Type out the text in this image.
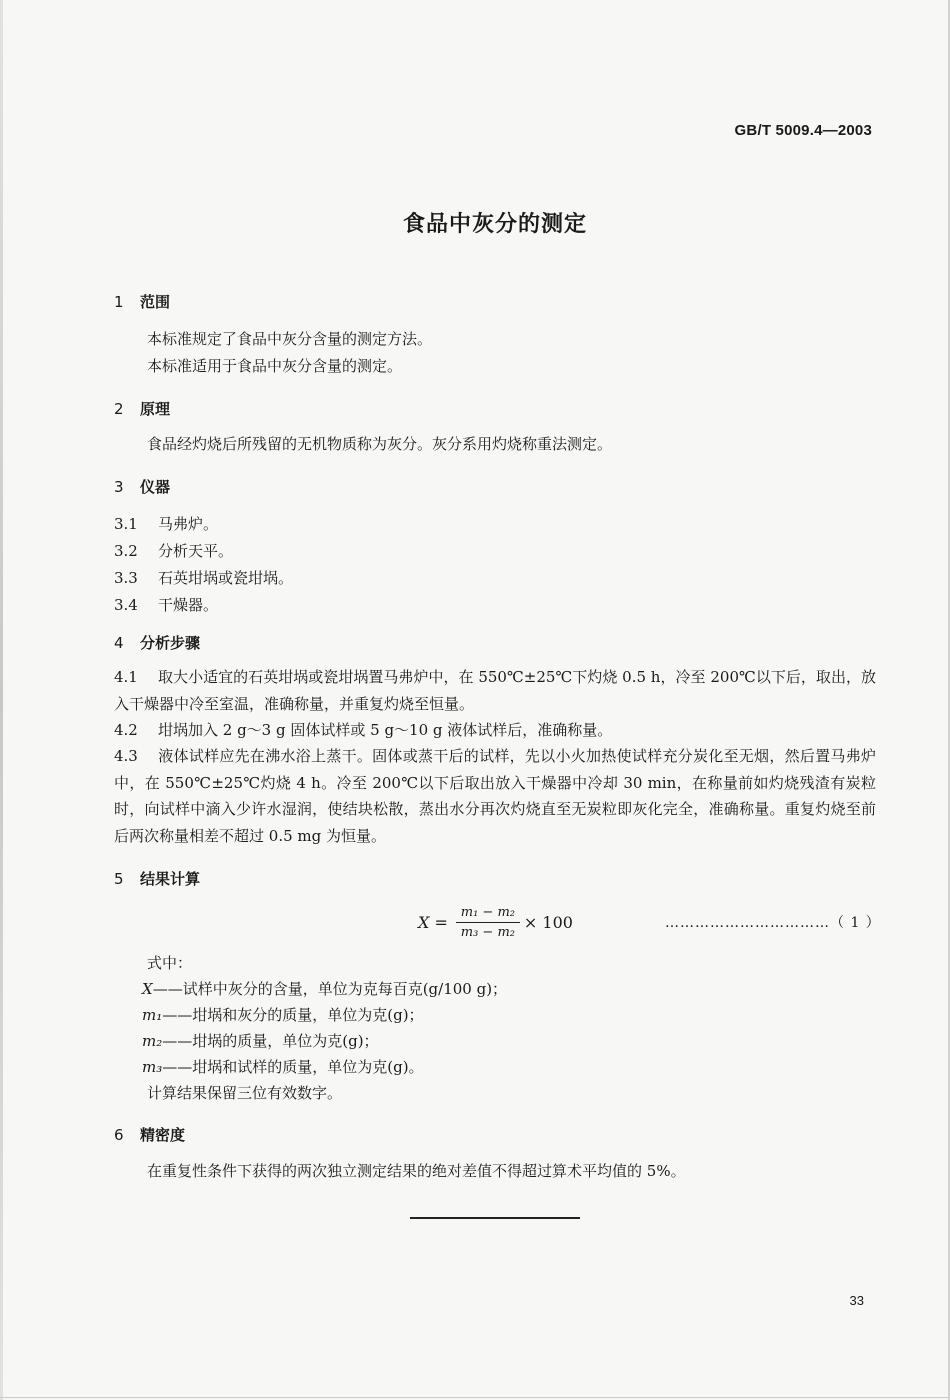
GB/T 5009.4—2003
食品中灰分的测定
1 范围
本标准规定了食品中灰分含量的测定方法。
本标准适用于食品中灰分含量的测定。
2 原理
食品经灼烧后所残留的无机物质称为灰分。灰分系用灼烧称重法测定。
3 仪器
3.1 马弗炉。
3.2 分析天平。
3.3 石英坩埚或瓷坩埚。
3.4 干燥器。
4 分析步骤
4.1 取大小适宜的石英坩埚或瓷坩埚置马弗炉中，在 550℃±25℃下灼烧 0.5 h，冷至 200℃以下后，取出，放入干燥器中冷至室温，准确称量，并重复灼烧至恒量。
4.2 坩埚加入 2 g～3 g 固体试样或 5 g～10 g 液体试样后，准确称量。
4.3 液体试样应先在沸水浴上蒸干。固体或蒸干后的试样，先以小火加热使试样充分炭化至无烟，然后置马弗炉中，在 550℃±25℃灼烧 4 h。冷至 200℃以下后取出放入干燥器中冷却 30 min，在称量前如灼烧残渣有炭粒时，向试样中滴入少许水湿润，使结块松散，蒸出水分再次灼烧直至无炭粒即灰化完全，准确称量。重复灼烧至前后两次称量相差不超过 0.5 mg 为恒量。
5 结果计算
$X = \frac{\text{m₁ − m₂}}{\text{m₃ − m₂}} \times 100$	……………………………（ 1 ）
式中：
X——试样中灰分的含量，单位为克每百克(g/100 g)；
m₁——坩埚和灰分的质量，单位为克(g)；
m₂——坩埚的质量，单位为克(g)；
m₃——坩埚和试样的质量，单位为克(g)。
计算结果保留三位有效数字。
6 精密度
在重复性条件下获得的两次独立测定结果的绝对差值不得超过算术平均值的 5%。
33
